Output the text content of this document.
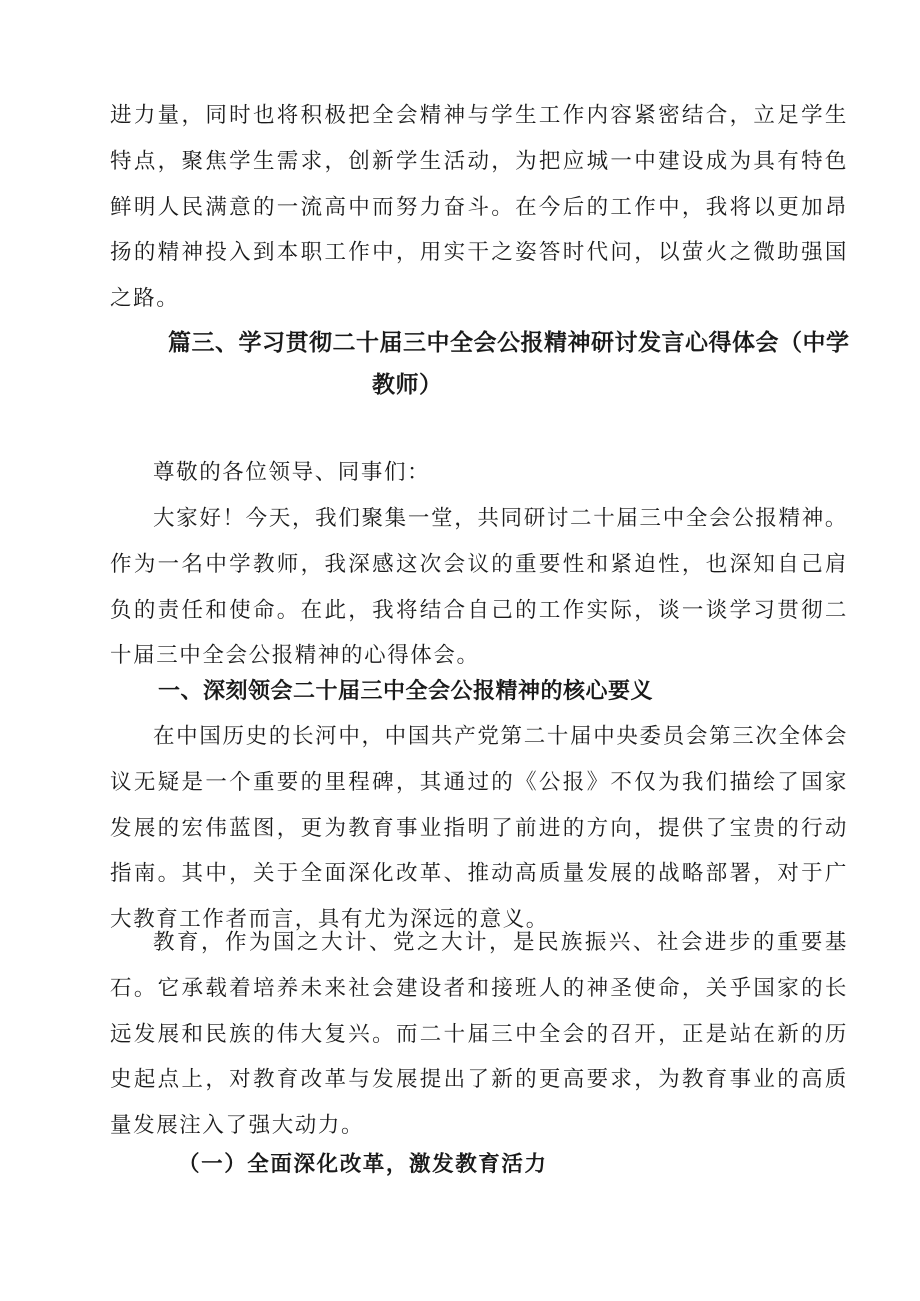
进力量，同时也将积极把全会精神与学生工作内容紧密结合，立足学生特点，聚焦学生需求，创新学生活动，为把应城一中建设成为具有特色鲜明人民满意的一流高中而努力奋斗。在今后的工作中，我将以更加昂扬的精神投入到本职工作中，用实干之姿答时代问，以萤火之微助强国之路。

篇三、学习贯彻二十届三中全会公报精神研讨发言心得体会（中学
教师）

尊敬的各位领导、同事们：

大家好！今天，我们聚集一堂，共同研讨二十届三中全会公报精神。作为一名中学教师，我深感这次会议的重要性和紧迫性，也深知自己肩负的责任和使命。在此，我将结合自己的工作实际，谈一谈学习贯彻二十届三中全会公报精神的心得体会。

一、深刻领会二十届三中全会公报精神的核心要义

在中国历史的长河中，中国共产党第二十届中央委员会第三次全体会议无疑是一个重要的里程碑，其通过的《公报》不仅为我们描绘了国家发展的宏伟蓝图，更为教育事业指明了前进的方向，提供了宝贵的行动指南。其中，关于全面深化改革、推动高质量发展的战略部署，对于广大教育工作者而言，具有尤为深远的意义。

教育，作为国之大计、党之大计，是民族振兴、社会进步的重要基石。它承载着培养未来社会建设者和接班人的神圣使命，关乎国家的长远发展和民族的伟大复兴。而二十届三中全会的召开，正是站在新的历史起点上，对教育改革与发展提出了新的更高要求，为教育事业的高质量发展注入了强大动力。

（一）全面深化改革，激发教育活力
